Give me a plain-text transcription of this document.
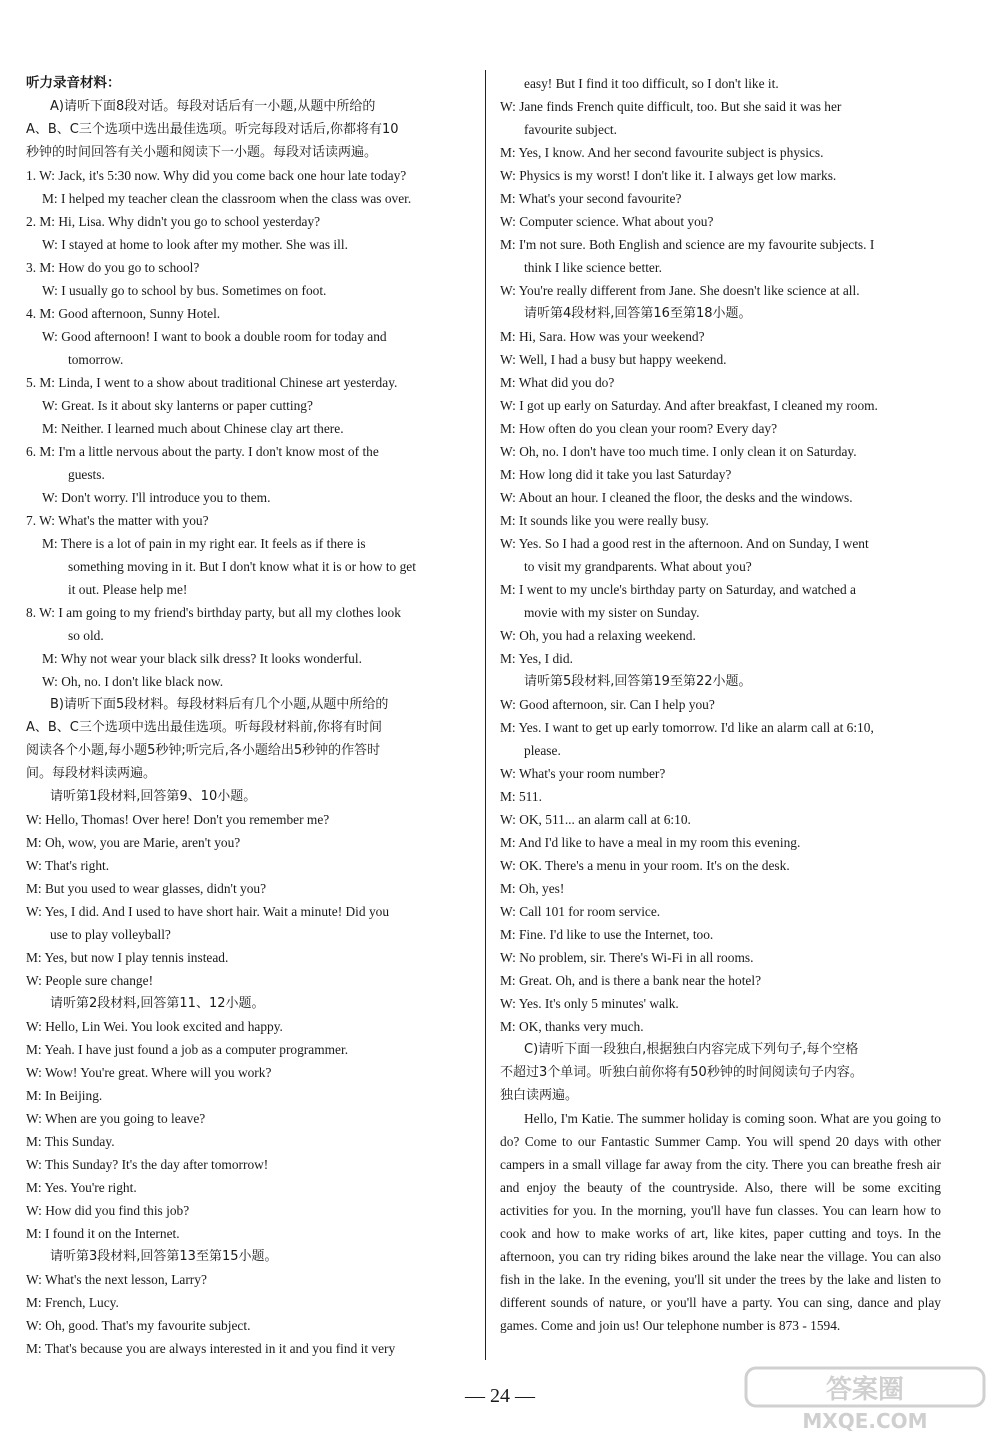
听力录音材料：
A)请听下面8段对话。每段对话后有一小题,从题中所给的
A、B、C三个选项中选出最佳选项。听完每段对话后,你都将有10
秒钟的时间回答有关小题和阅读下一小题。每段对话读两遍。
1. W: Jack, it's 5:30 now. Why did you come back one hour late today?
M: I helped my teacher clean the classroom when the class was over.
2. M: Hi, Lisa. Why didn't you go to school yesterday?
W: I stayed at home to look after my mother. She was ill.
3. M: How do you go to school?
W: I usually go to school by bus. Sometimes on foot.
4. M: Good afternoon, Sunny Hotel.
W: Good afternoon! I want to book a double room for today and
tomorrow.
5. M: Linda, I went to a show about traditional Chinese art yesterday.
W: Great. Is it about sky lanterns or paper cutting?
M: Neither. I learned much about Chinese clay art there.
6. M: I'm a little nervous about the party. I don't know most of the
guests.
W: Don't worry. I'll introduce you to them.
7. W: What's the matter with you?
M: There is a lot of pain in my right ear. It feels as if there is
something moving in it. But I don't know what it is or how to get
it out. Please help me!
8. W: I am going to my friend's birthday party, but all my clothes look
so old.
M: Why not wear your black silk dress? It looks wonderful.
W: Oh, no. I don't like black now.
B)请听下面5段材料。每段材料后有几个小题,从题中所给的
A、B、C三个选项中选出最佳选项。听每段材料前,你将有时间
阅读各个小题,每小题5秒钟;听完后,各小题给出5秒钟的作答时
间。每段材料读两遍。
请听第1段材料,回答第9、10小题。
W: Hello, Thomas! Over here! Don't you remember me?
M: Oh, wow, you are Marie, aren't you?
W: That's right.
M: But you used to wear glasses, didn't you?
W: Yes, I did. And I used to have short hair. Wait a minute! Did you
use to play volleyball?
M: Yes, but now I play tennis instead.
W: People sure change!
请听第2段材料,回答第11、12小题。
W: Hello, Lin Wei. You look excited and happy.
M: Yeah. I have just found a job as a computer programmer.
W: Wow! You're great. Where will you work?
M: In Beijing.
W: When are you going to leave?
M: This Sunday.
W: This Sunday? It's the day after tomorrow!
M: Yes. You're right.
W: How did you find this job?
M: I found it on the Internet.
请听第3段材料,回答第13至第15小题。
W: What's the next lesson, Larry?
M: French, Lucy.
W: Oh, good. That's my favourite subject.
M: That's because you are always interested in it and you find it very
easy! But I find it too difficult, so I don't like it.
W: Jane finds French quite difficult, too. But she said it was her
favourite subject.
M: Yes, I know. And her second favourite subject is physics.
W: Physics is my worst! I don't like it. I always get low marks.
M: What's your second favourite?
W: Computer science. What about you?
M: I'm not sure. Both English and science are my favourite subjects. I
think I like science better.
W: You're really different from Jane. She doesn't like science at all.
请听第4段材料,回答第16至第18小题。
M: Hi, Sara. How was your weekend?
W: Well, I had a busy but happy weekend.
M: What did you do?
W: I got up early on Saturday. And after breakfast, I cleaned my room.
M: How often do you clean your room? Every day?
W: Oh, no. I don't have too much time. I only clean it on Saturday.
M: How long did it take you last Saturday?
W: About an hour. I cleaned the floor, the desks and the windows.
M: It sounds like you were really busy.
W: Yes. So I had a good rest in the afternoon. And on Sunday, I went
to visit my grandparents. What about you?
M: I went to my uncle's birthday party on Saturday, and watched a
movie with my sister on Sunday.
W: Oh, you had a relaxing weekend.
M: Yes, I did.
请听第5段材料,回答第19至第22小题。
W: Good afternoon, sir. Can I help you?
M: Yes. I want to get up early tomorrow. I'd like an alarm call at 6:10,
please.
W: What's your room number?
M: 511.
W: OK, 511... an alarm call at 6:10.
M: And I'd like to have a meal in my room this evening.
W: OK. There's a menu in your room. It's on the desk.
M: Oh, yes!
W: Call 101 for room service.
M: Fine. I'd like to use the Internet, too.
W: No problem, sir. There's Wi-Fi in all rooms.
M: Great. Oh, and is there a bank near the hotel?
W: Yes. It's only 5 minutes' walk.
M: OK, thanks very much.
C)请听下面一段独白,根据独白内容完成下列句子,每个空格
不超过3个单词。听独白前你将有50秒钟的时间阅读句子内容。
独白读两遍。
Hello, I'm Katie. The summer holiday is coming soon. What are you going to do? Come to our Fantastic Summer Camp. You will spend 20 days with other campers in a small village far away from the city. There you can breathe fresh air and enjoy the beauty of the countryside. Also, there will be some exciting activities for you. In the morning, you'll have fun classes. You can learn how to cook and how to make works of art, like kites, paper cutting and toys. In the afternoon, you can try riding bikes around the lake near the village. You can also fish in the lake. In the evening, you'll sit under the trees by the lake and listen to different sounds of nature, or you'll have a party. You can sing, dance and play games. Come and join us! Our telephone number is 873 - 1594.
— 24 —	答案圈
MXQE.COM
